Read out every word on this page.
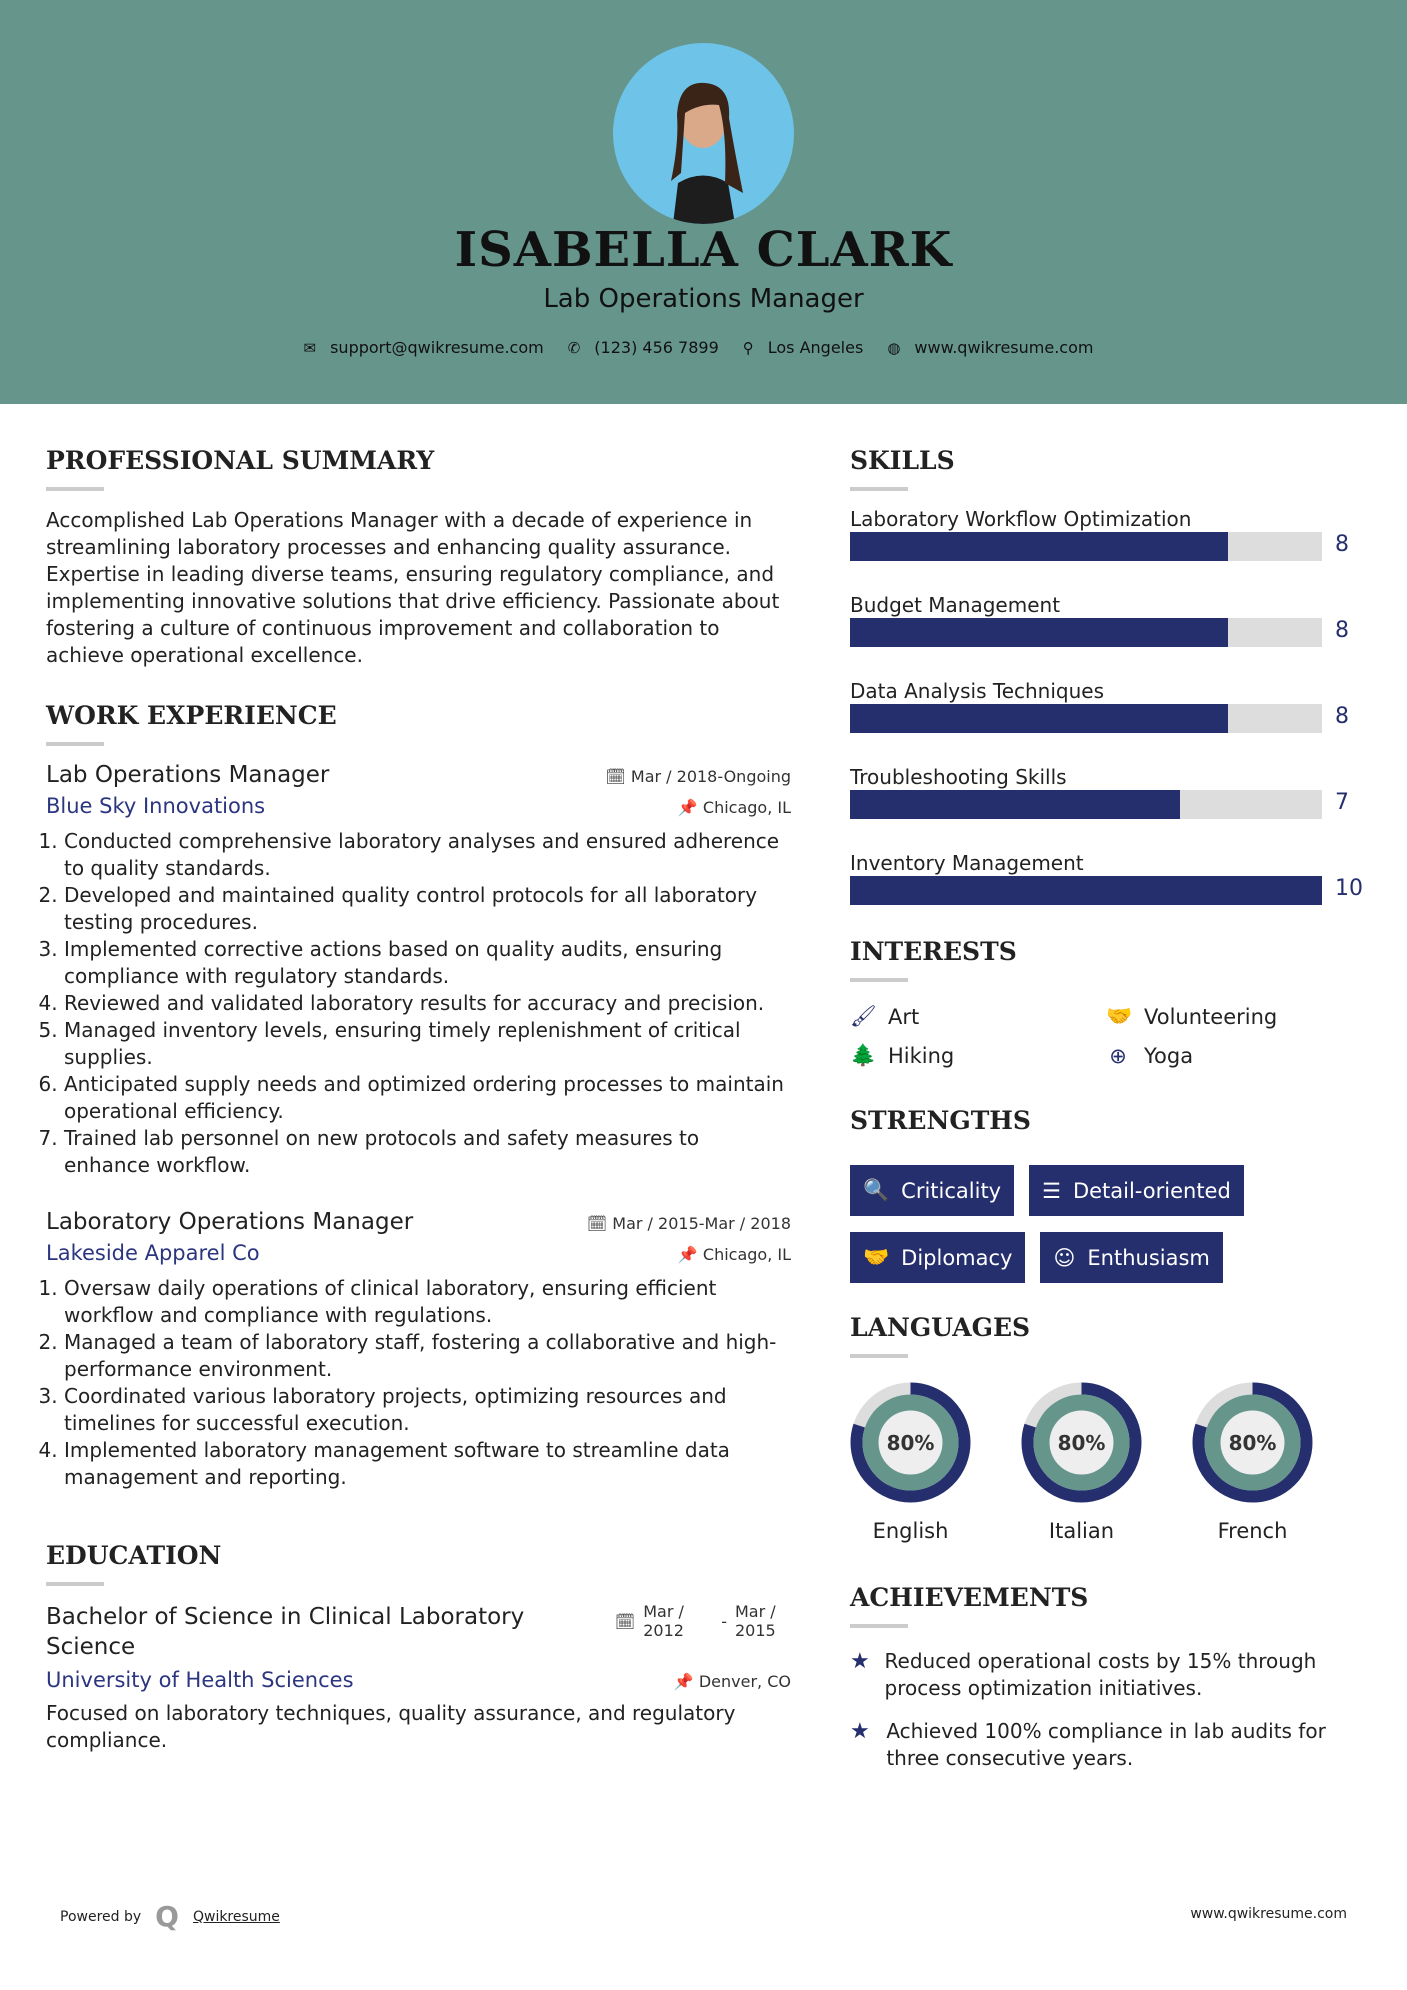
ISABELLA CLARK
Lab Operations Manager
✉ support@qwikresume.com ✆ (123) 456 7899 ⚲ Los Angeles ◍ www.qwikresume.com
PROFESSIONAL SUMMARY
Accomplished Lab Operations Manager with a decade of experience in streamlining laboratory processes and enhancing quality assurance. Expertise in leading diverse teams, ensuring regulatory compliance, and implementing innovative solutions that drive efficiency. Passionate about fostering a culture of continuous improvement and collaboration to achieve operational excellence.
WORK EXPERIENCE
Lab Operations Manager	🗓 Mar / 2018-Ongoing
Blue Sky Innovations	📌 Chicago, IL
1. Conducted comprehensive laboratory analyses and ensured adherence to quality standards.
2. Developed and maintained quality control protocols for all laboratory testing procedures.
3. Implemented corrective actions based on quality audits, ensuring compliance with regulatory standards.
4. Reviewed and validated laboratory results for accuracy and precision.
5. Managed inventory levels, ensuring timely replenishment of critical supplies.
6. Anticipated supply needs and optimized ordering processes to maintain operational efficiency.
7. Trained lab personnel on new protocols and safety measures to enhance workflow.
Laboratory Operations Manager	🗓 Mar / 2015-Mar / 2018
Lakeside Apparel Co	📌 Chicago, IL
1. Oversaw daily operations of clinical laboratory, ensuring efficient workflow and compliance with regulations.
2. Managed a team of laboratory staff, fostering a collaborative and high-performance environment.
3. Coordinated various laboratory projects, optimizing resources and timelines for successful execution.
4. Implemented laboratory management software to streamline data management and reporting.
EDUCATION
Bachelor of Science in Clinical Laboratory Science
🗓 Mar / 2012	- Mar / 2015
University of Health Sciences	📌 Denver, CO
Focused on laboratory techniques, quality assurance, and regulatory compliance.
SKILLS
Laboratory Workflow Optimization
8
Budget Management
8
Data Analysis Techniques
8
Troubleshooting Skills
7
Inventory Management
10
INTERESTS
🖌 Art	🤝 Volunteering
🌲 Hiking	⊕ Yoga
STRENGTHS
🔍 Criticality ☰ Detail-oriented
🤝 Diplomacy ☺ Enthusiasm
LANGUAGES
80%
English
80%
Italian
80%
French
ACHIEVEMENTS
★ Reduced operational costs by 15% through process optimization initiatives.
★ Achieved 100% compliance in lab audits for three consecutive years.
Powered by Q Qwikresume	www.qwikresume.com
